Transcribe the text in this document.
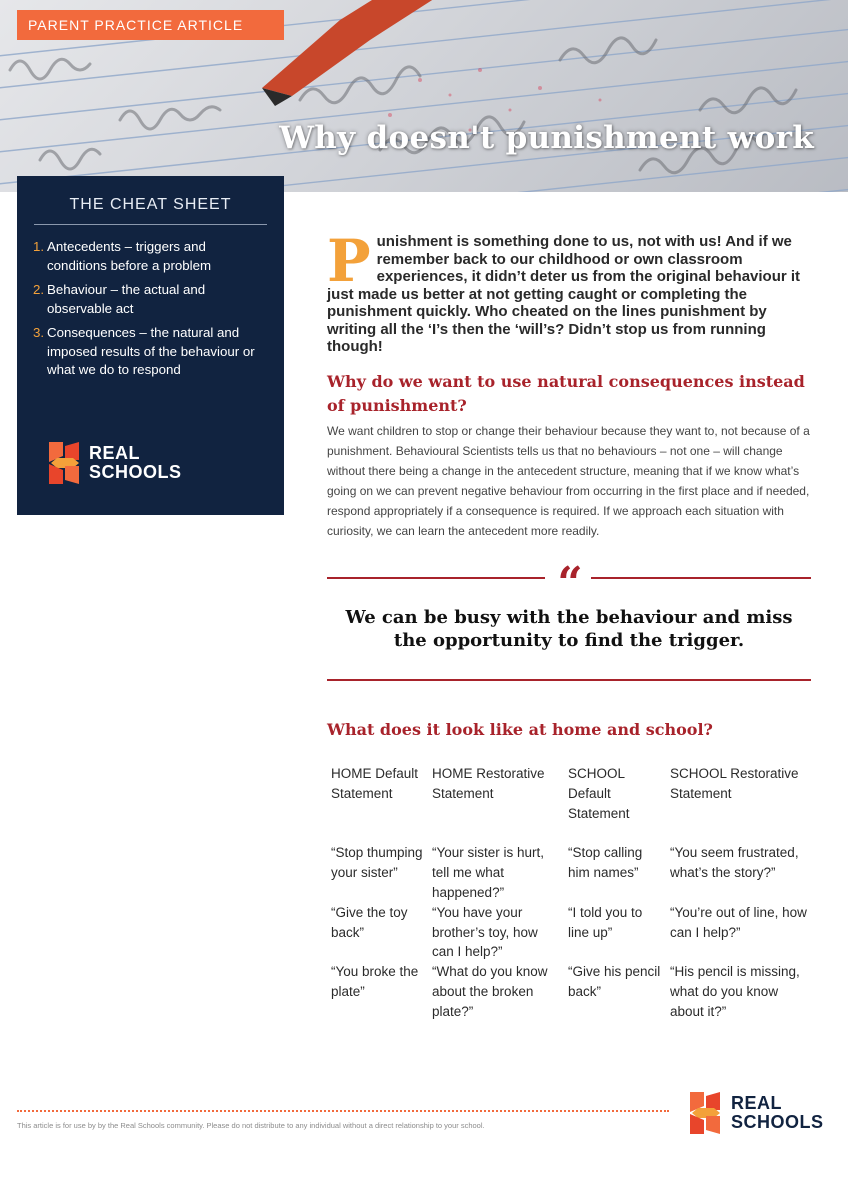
PARENT PRACTICE ARTICLE
Why doesn't punishment work
THE CHEAT SHEET
1. Antecedents – triggers and conditions before a problem
2. Behaviour – the actual and observable act
3. Consequences – the natural and imposed results of the behaviour or what we do to respond
REAL
SCHOOLS

Punishment is something done to us, not with us! And if we remember back to our childhood or own classroom experiences, it didn’t deter us from the original behaviour it just made us better at not getting caught or completing the punishment quickly. Who cheated on the lines punishment by writing all the ‘I’s then the ‘will’s? Didn’t stop us from running though!

Why do we want to use natural consequences instead of punishment?

We want children to stop or change their behaviour because they want to, not because of a punishment. Behavioural Scientists tells us that no behaviours – not one – will change without there being a change in the antecedent structure, meaning that if we know what’s going on we can prevent negative behaviour from occurring in the first place and if needed, respond appropriately if a consequence is required. If we approach each situation with curiosity, we can learn the antecedent more readily.

“
We can be busy with the behaviour and miss the opportunity to find the trigger.
What does it look like at home and school?
HOME Default Statement	HOME Restorative Statement	SCHOOL Default Statement	SCHOOL Restorative Statement
“Stop thumping your sister”	“Your sister is hurt, tell me what happened?”	“Stop calling him names”	“You seem frustrated, what’s the story?”
“Give the toy back”	“You have your brother’s toy, how can I help?”	“I told you to line up”	“You’re out of line, how can I help?”
“You broke the plate”	“What do you know about the broken plate?”	“Give his pencil back”	“His pencil is missing, what do you know about it?”
This article is for use by by the Real Schools community. Please do not distribute to any individual without a direct relationship to your school.
REAL
SCHOOLS
